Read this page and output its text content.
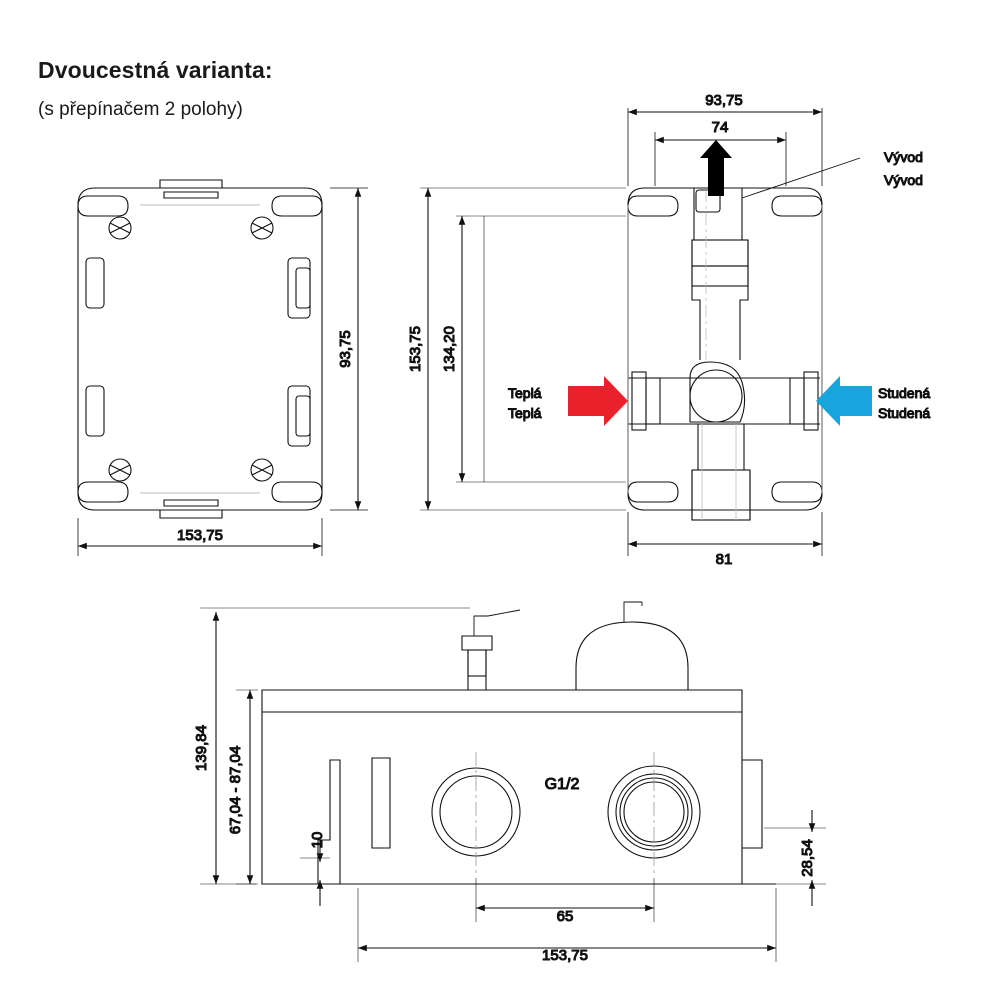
Dvoucestná varianta:
(s přepínačem 2 polohy)
93,75
153,75
93,75
74
153,75 134,20
81
139,84 67,04 - 87,04
10	28,54
65
153,75
G1/2
Vývod
Vývod
Teplá
Teplá
Studená
Studená
